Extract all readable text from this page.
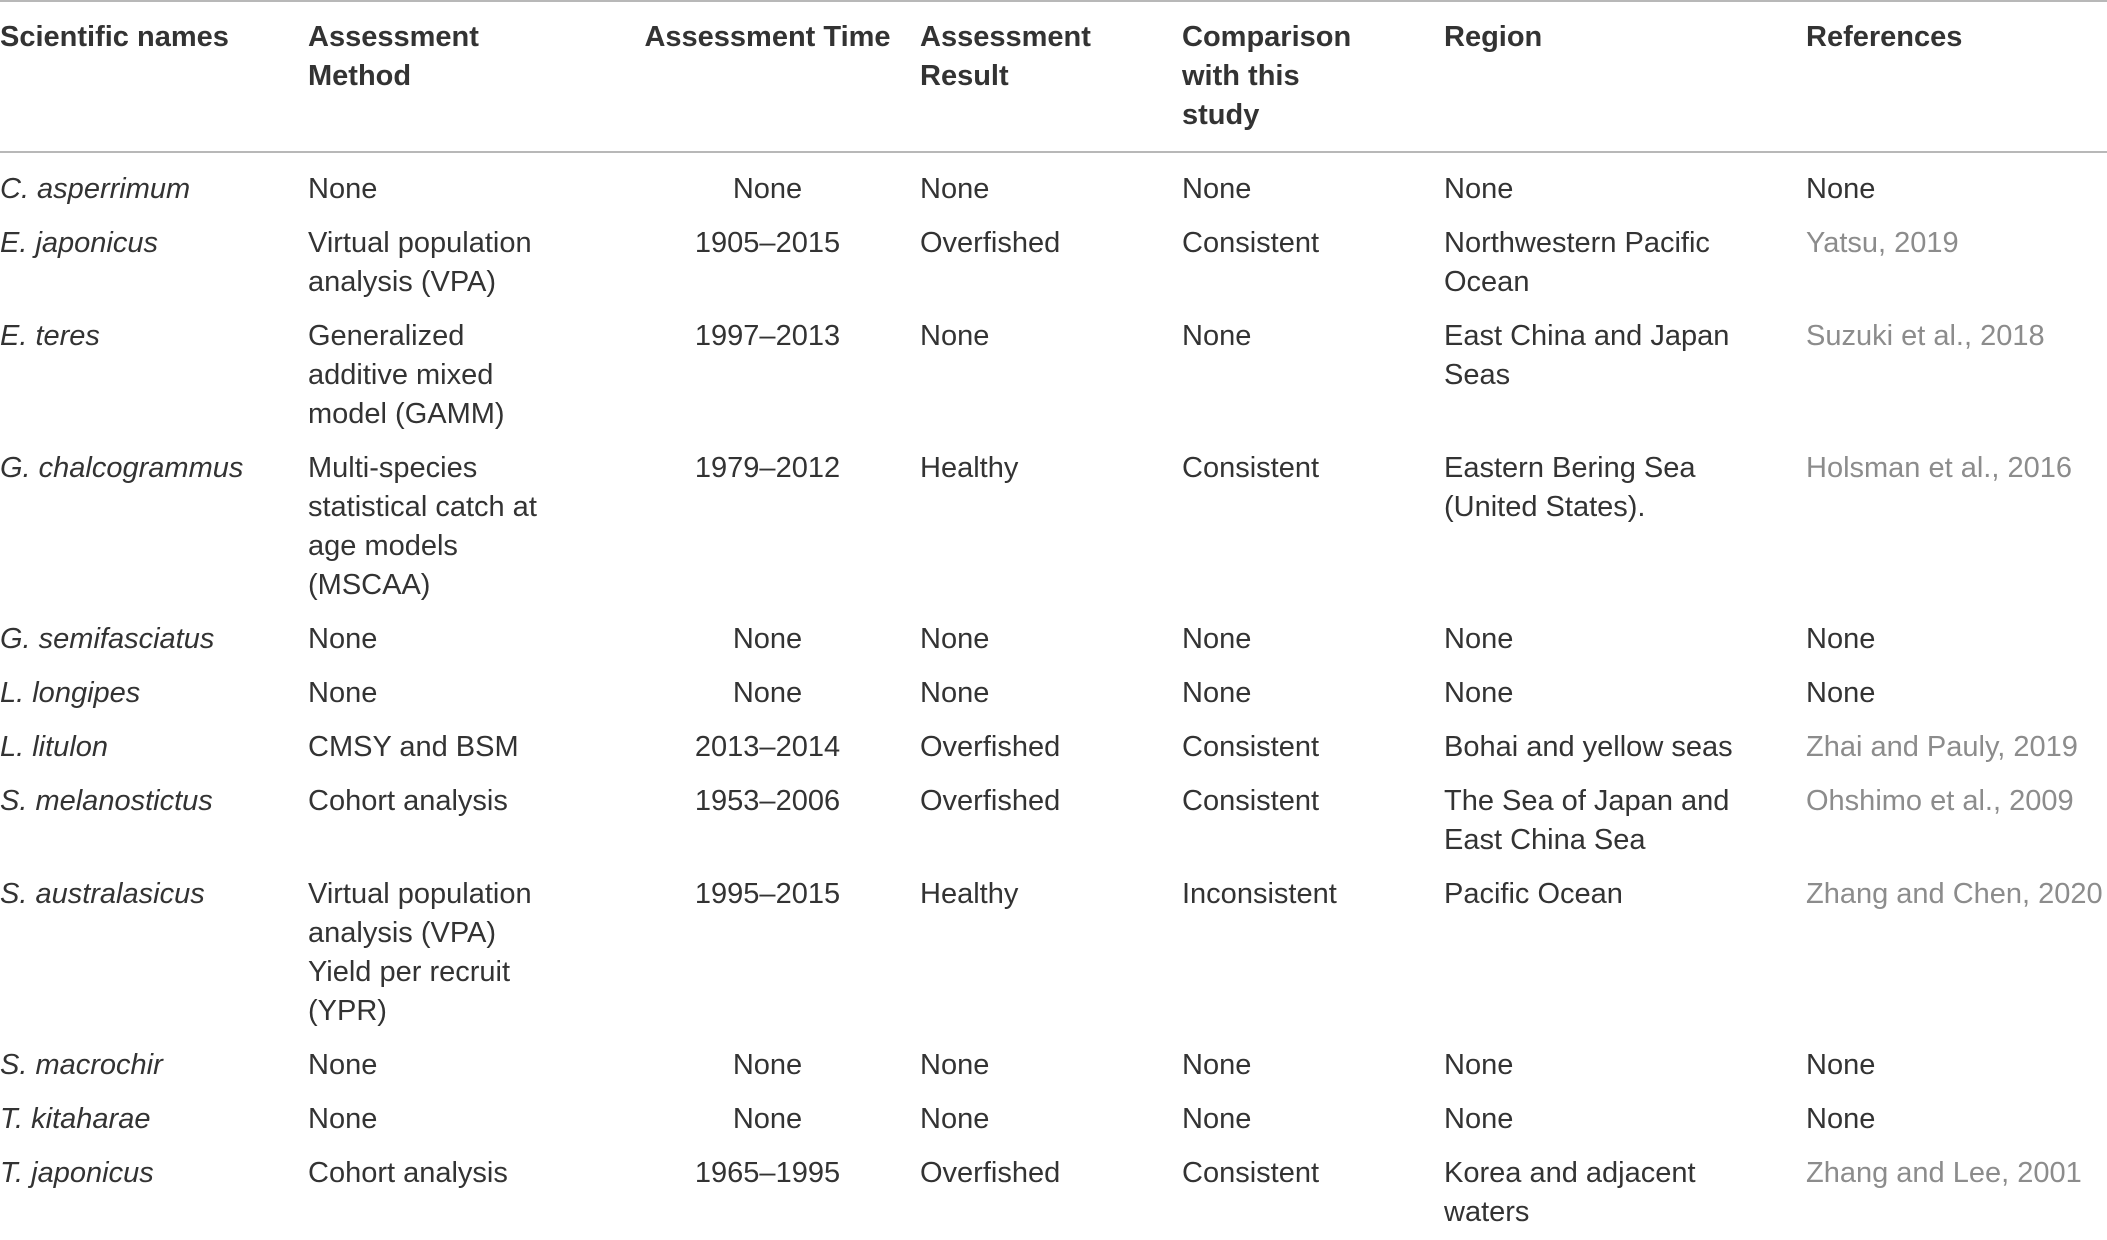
Scientific names	Assessment Method	Assessment Time	Assessment Result	Comparison with this study	Region	References
C. asperrimum	None	None	None	None	None	None
E. japonicus	Virtual population analysis (VPA)	1905–2015	Overfished	Consistent	Northwestern Pacific Ocean	Yatsu, 2019
E. teres	Generalized additive mixed model (GAMM)	1997–2013	None	None	East China and Japan Seas	Suzuki et al., 2018
G. chalcogrammus	Multi-species statistical catch at age models (MSCAA)	1979–2012	Healthy	Consistent	Eastern Bering Sea (United States).	Holsman et al., 2016
G. semifasciatus	None	None	None	None	None	None
L. longipes	None	None	None	None	None	None
L. litulon	CMSY and BSM	2013–2014	Overfished	Consistent	Bohai and yellow seas	Zhai and Pauly, 2019
S. melanostictus	Cohort analysis	1953–2006	Overfished	Consistent	The Sea of Japan and East China Sea	Ohshimo et al., 2009
S. australasicus	Virtual population analysis (VPA) Yield per recruit (YPR)	1995–2015	Healthy	Inconsistent	Pacific Ocean	Zhang and Chen, 2020
S. macrochir	None	None	None	None	None	None
T. kitaharae	None	None	None	None	None	None
T. japonicus	Cohort analysis	1965–1995	Overfished	Consistent	Korea and adjacent waters	Zhang and Lee, 2001
